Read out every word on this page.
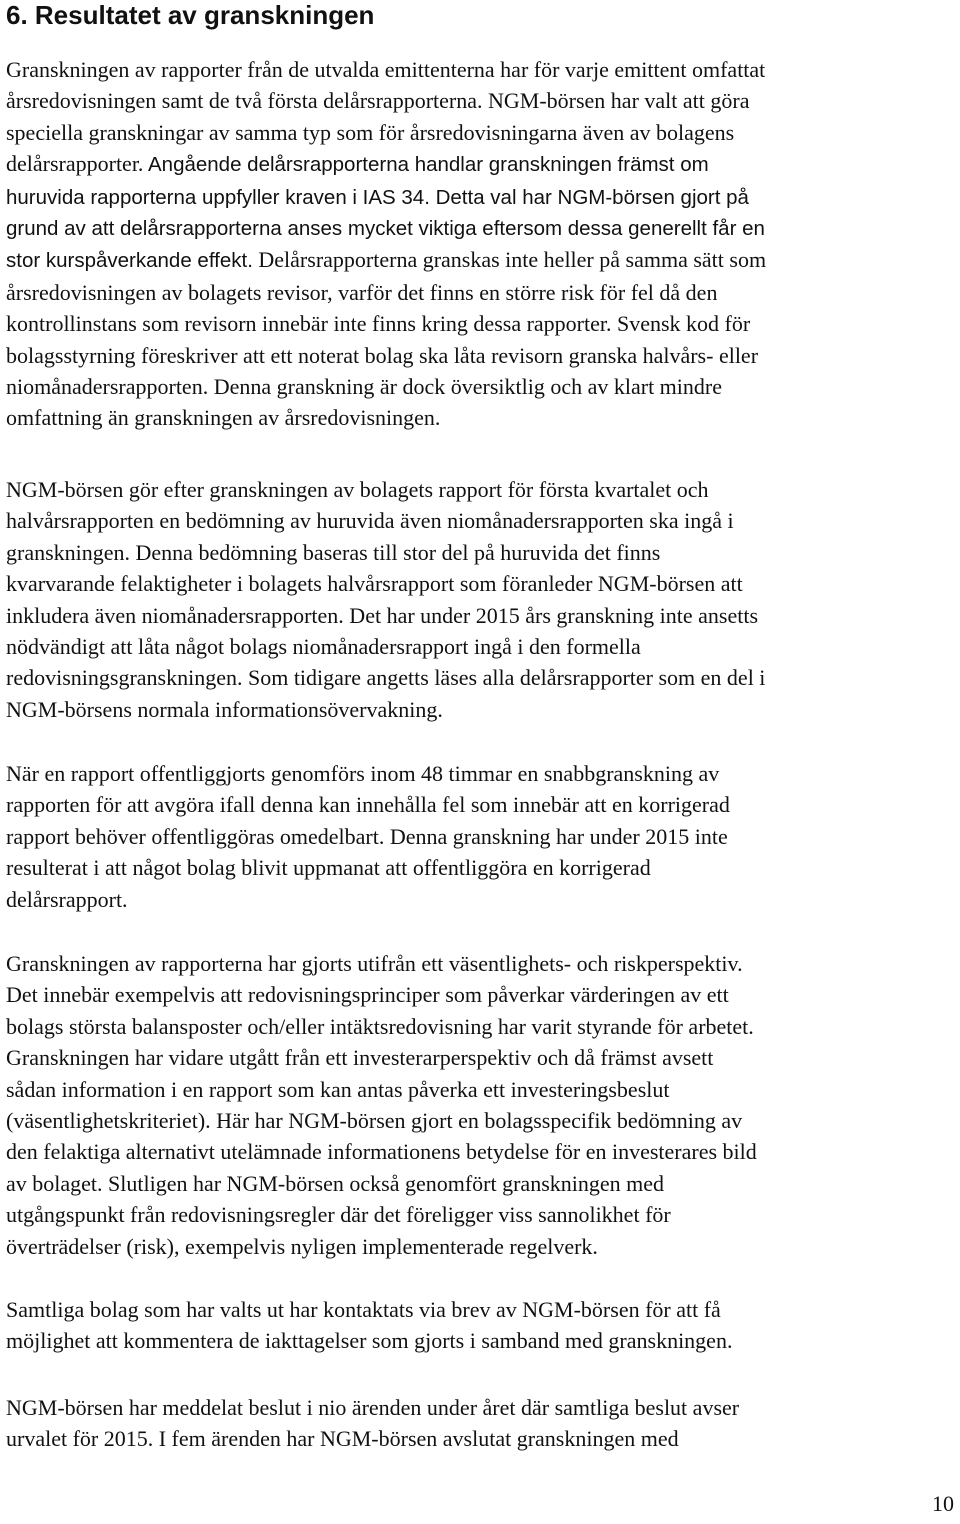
6. Resultatet av granskningen
Granskningen av rapporter från de utvalda emittenterna har för varje emittent omfattat
årsredovisningen samt de två första delårsrapporterna. NGM-börsen har valt att göra
speciella granskningar av samma typ som för årsredovisningarna även av bolagens
delårsrapporter. Angående delårsrapporterna handlar granskningen främst om
huruvida rapporterna uppfyller kraven i IAS 34. Detta val har NGM-börsen gjort på
grund av att delårsrapporterna anses mycket viktiga eftersom dessa generellt får en
stor kurspåverkande effekt. Delårsrapporterna granskas inte heller på samma sätt som
årsredovisningen av bolagets revisor, varför det finns en större risk för fel då den
kontrollinstans som revisorn innebär inte finns kring dessa rapporter. Svensk kod för
bolagsstyrning föreskriver att ett noterat bolag ska låta revisorn granska halvårs- eller
niomånadersrapporten. Denna granskning är dock översiktlig och av klart mindre
omfattning än granskningen av årsredovisningen.
NGM-börsen gör efter granskningen av bolagets rapport för första kvartalet och
halvårsrapporten en bedömning av huruvida även niomånadersrapporten ska ingå i
granskningen. Denna bedömning baseras till stor del på huruvida det finns
kvarvarande felaktigheter i bolagets halvårsrapport som föranleder NGM-börsen att
inkludera även niomånadersrapporten. Det har under 2015 års granskning inte ansetts
nödvändigt att låta något bolags niomånadersrapport ingå i den formella
redovisningsgranskningen. Som tidigare angetts läses alla delårsrapporter som en del i
NGM-börsens normala informationsövervakning.
När en rapport offentliggjorts genomförs inom 48 timmar en snabbgranskning av
rapporten för att avgöra ifall denna kan innehålla fel som innebär att en korrigerad
rapport behöver offentliggöras omedelbart. Denna granskning har under 2015 inte
resulterat i att något bolag blivit uppmanat att offentliggöra en korrigerad
delårsrapport.
Granskningen av rapporterna har gjorts utifrån ett väsentlighets- och riskperspektiv.
Det innebär exempelvis att redovisningsprinciper som påverkar värderingen av ett
bolags största balansposter och/eller intäktsredovisning har varit styrande för arbetet.
Granskningen har vidare utgått från ett investerarperspektiv och då främst avsett
sådan information i en rapport som kan antas påverka ett investeringsbeslut
(väsentlighetskriteriet). Här har NGM-börsen gjort en bolagsspecifik bedömning av
den felaktiga alternativt utelämnade informationens betydelse för en investerares bild
av bolaget. Slutligen har NGM-börsen också genomfört granskningen med
utgångspunkt från redovisningsregler där det föreligger viss sannolikhet för
överträdelser (risk), exempelvis nyligen implementerade regelverk.
Samtliga bolag som har valts ut har kontaktats via brev av NGM-börsen för att få
möjlighet att kommentera de iakttagelser som gjorts i samband med granskningen.
NGM-börsen har meddelat beslut i nio ärenden under året där samtliga beslut avser
urvalet för 2015. I fem ärenden har NGM-börsen avslutat granskningen med
10
